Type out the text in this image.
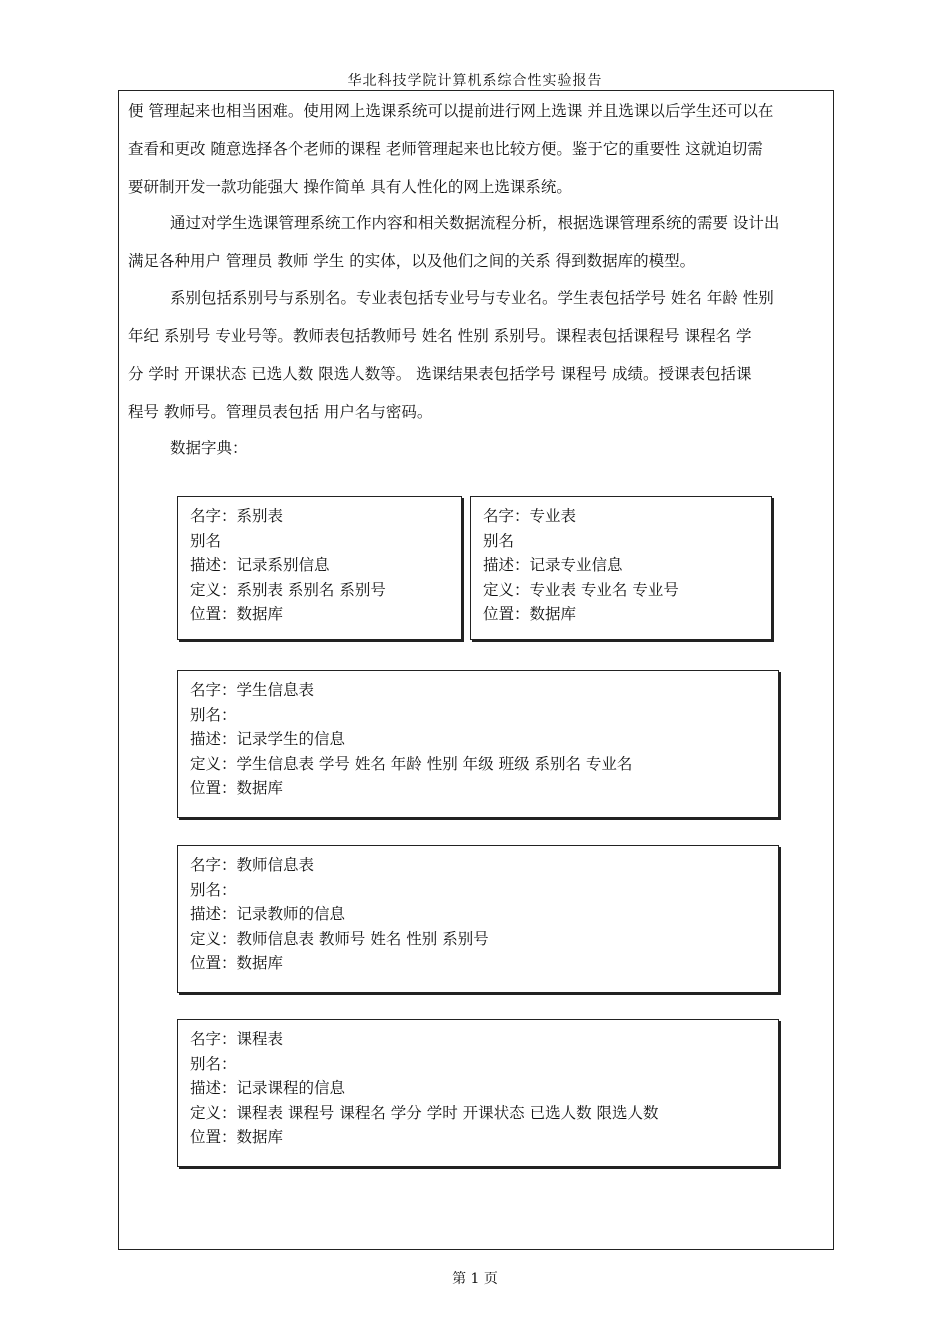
华北科技学院计算机系综合性实验报告
便 管理起来也相当困难。使用网上选课系统可以提前进行网上选课 并且选课以后学生还可以在
查看和更改 随意选择各个老师的课程 老师管理起来也比较方便。鉴于它的重要性 这就迫切需
要研制开发一款功能强大 操作简单 具有人性化的网上选课系统。
通过对学生选课管理系统工作内容和相关数据流程分析，根据选课管理系统的需要 设计出
满足各种用户 管理员 教师 学生 的实体，以及他们之间的关系 得到数据库的模型。
系别包括系别号与系别名。专业表包括专业号与专业名。学生表包括学号 姓名 年龄 性别
年纪 系别号 专业号等。教师表包括教师号 姓名 性别 系别号。课程表包括课程号 课程名 学
分 学时 开课状态 已选人数 限选人数等。 选课结果表包括学号 课程号 成绩。授课表包括课
程号 教师号。管理员表包括 用户名与密码。
数据字典：
名字：系别表
别名
描述：记录系别信息
定义：系别表 系别名 系别号
位置：数据库
名字：专业表
别名
描述：记录专业信息
定义：专业表 专业名 专业号
位置：数据库
名字：学生信息表
别名：
描述：记录学生的信息
定义：学生信息表 学号 姓名 年龄 性别 年级 班级 系别名 专业名
位置：数据库
名字：教师信息表
别名：
描述：记录教师的信息
定义：教师信息表 教师号 姓名 性别 系别号
位置：数据库
名字：课程表
别名：
描述：记录课程的信息
定义：课程表 课程号 课程名 学分 学时 开课状态 已选人数 限选人数
位置：数据库
第 1 页
